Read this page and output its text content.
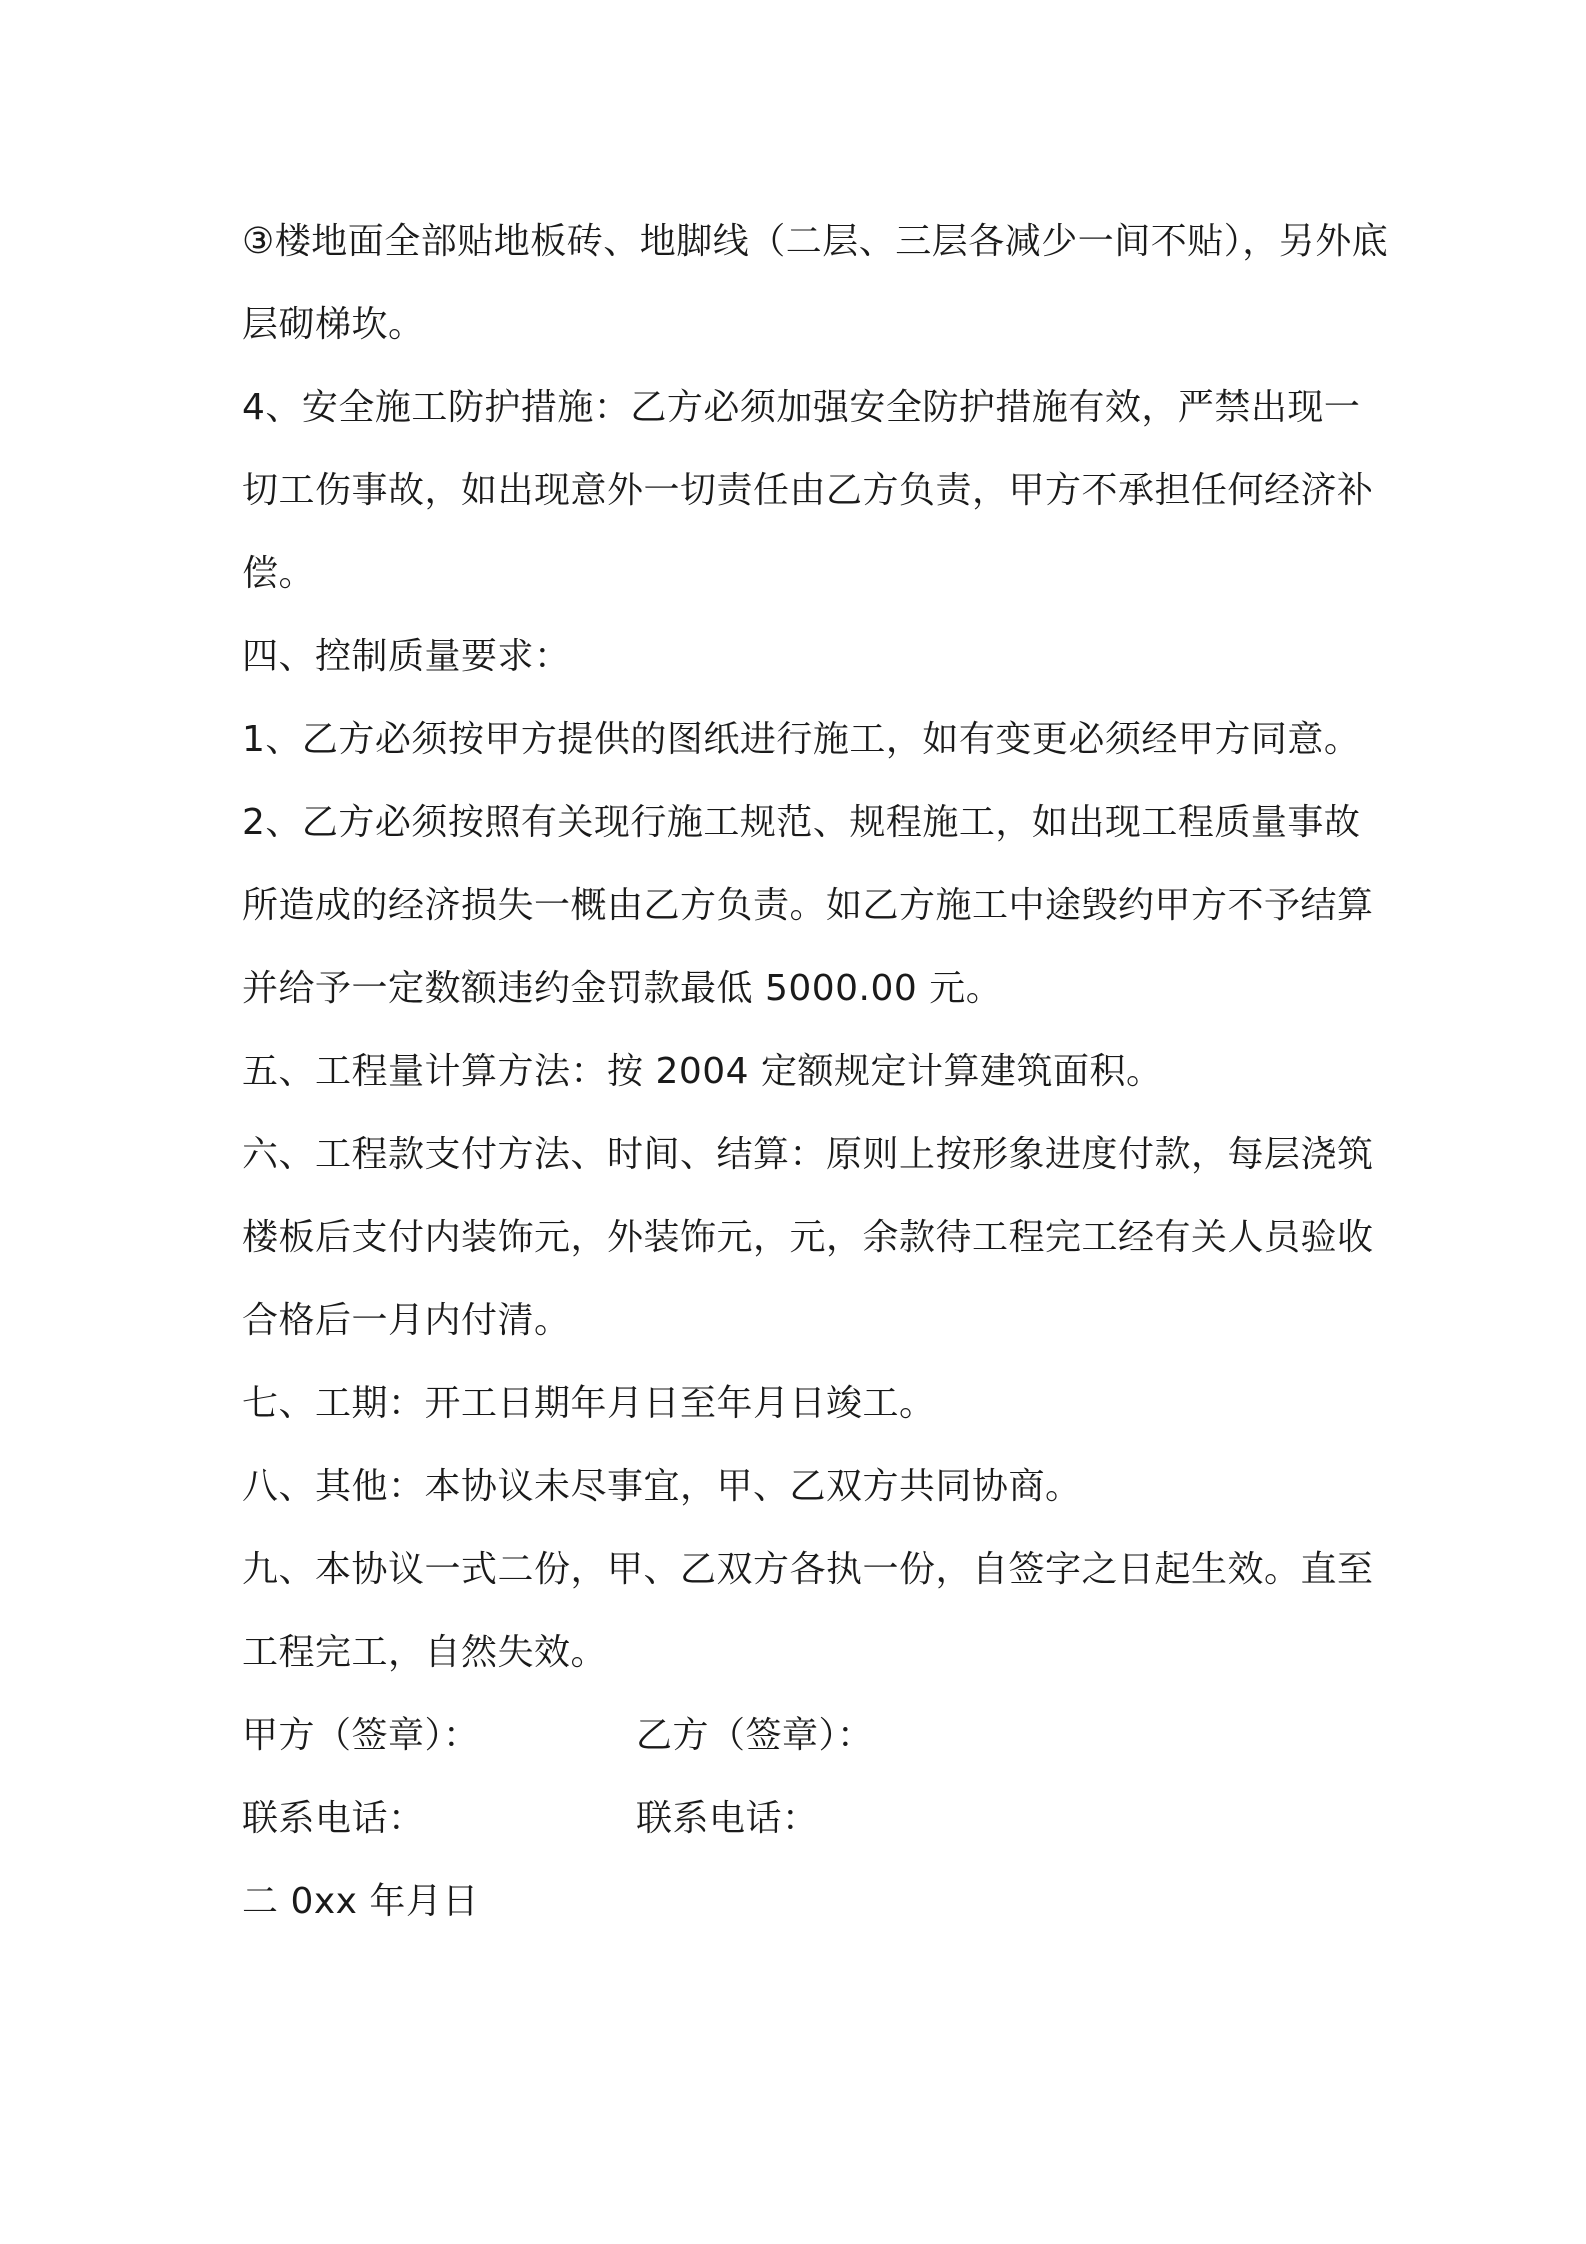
③楼地面全部贴地板砖、地脚线（二层、三层各减少一间不贴），另外底层砌梯坎。

4、安全施工防护措施：乙方必须加强安全防护措施有效，严禁出现一切工伤事故，如出现意外一切责任由乙方负责，甲方不承担任何经济补偿。

四、控制质量要求：

1、乙方必须按甲方提供的图纸进行施工，如有变更必须经甲方同意。

2、乙方必须按照有关现行施工规范、规程施工，如出现工程质量事故所造成的经济损失一概由乙方负责。如乙方施工中途毁约甲方不予结算并给予一定数额违约金罚款最低 5000.00 元。

五、工程量计算方法：按 2004 定额规定计算建筑面积。

六、工程款支付方法、时间、结算：原则上按形象进度付款，每层浇筑楼板后支付内装饰元，外装饰元，元，余款待工程完工经有关人员验收合格后一月内付清。

七、工期：开工日期年月日至年月日竣工。

八、其他：本协议未尽事宜，甲、乙双方共同协商。

九、本协议一式二份，甲、乙双方各执一份，自签字之日起生效。直至工程完工，自然失效。

甲方（签章）：	乙方（签章）：
联系电话：	联系电话：

二 0xx 年月日
